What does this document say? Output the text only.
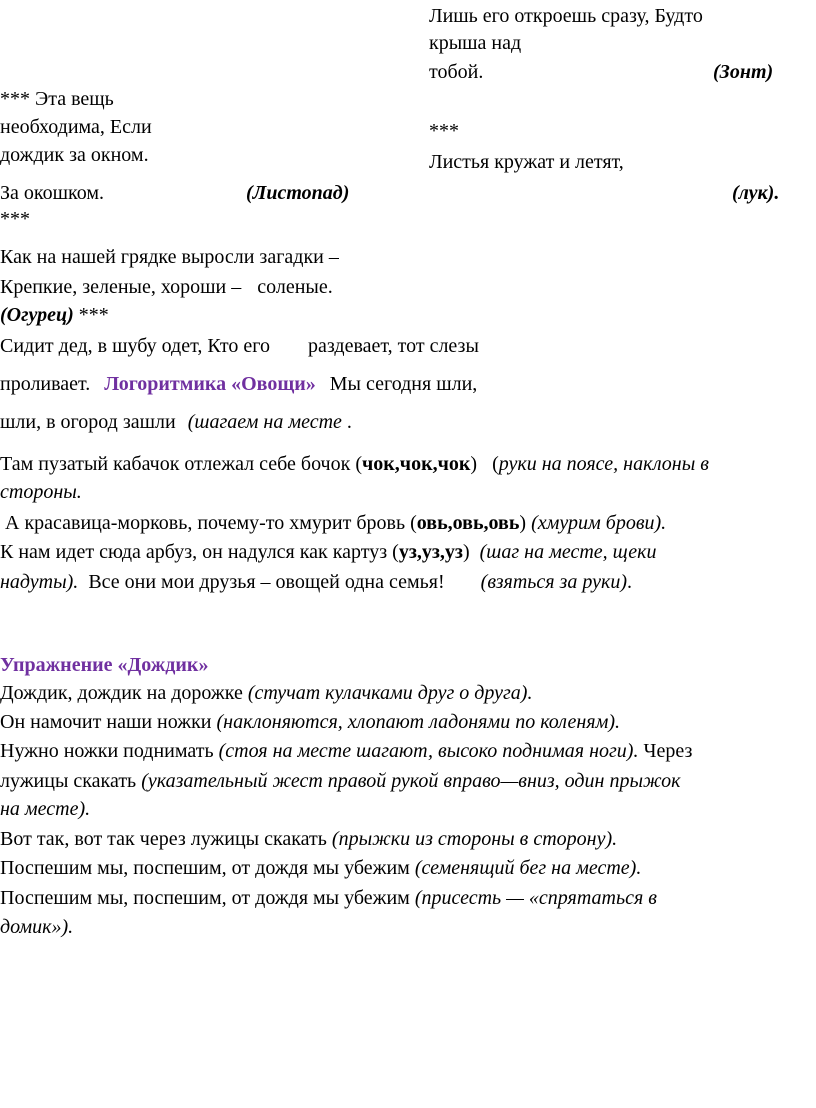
Лишь его откроешь сразу, Будто
крыша над
тобой.	(Зонт)
*** Эта вещь
необходима, Если
дождик за окном.
***
Листья кружат и летят,
За окошком.	(Листопад)	(лук).
***
Как на нашей грядке выросли загадки –
Крепкие, зеленые, хороши – соленые.
(Огурец) ***
Сидит дед, в шубу одет, Кто его раздевает, тот слезы
проливает. Логоритмика «Овощи» Мы сегодня шли,
шли, в огород зашли (шагаем на месте .
Там пузатый кабачок отлежал себе бочок (чок,чок,чок)   (руки на поясе, наклоны в
стороны.
А красавица-морковь, почему-то хмурит бровь (овь,овь,овь) (хмурим брови).
К нам идет сюда арбуз, он надулся как картуз (уз,уз,уз)  (шаг на месте, щеки
надуты).  Все они мои друзья – овощей одна семья! (взяться за руки).
Упражнение «Дождик»
Дождик, дождик на дорожке (стучат кулачками друг о друга).
Он намочит наши ножки (наклоняются, хлопают ладонями по коленям).
Нужно ножки поднимать (стоя на месте шагают, высоко поднимая ноги). Через
лужицы скакать (указательный жест правой рукой вправо—вниз, один прыжок
на месте).
Вот так, вот так через лужицы скакать (прыжки из стороны в сторону).
Поспешим мы, поспешим, от дождя мы убежим (семенящий бег на месте).
Поспешим мы, поспешим, от дождя мы убежим (присесть — «спрятаться в
домик»).
